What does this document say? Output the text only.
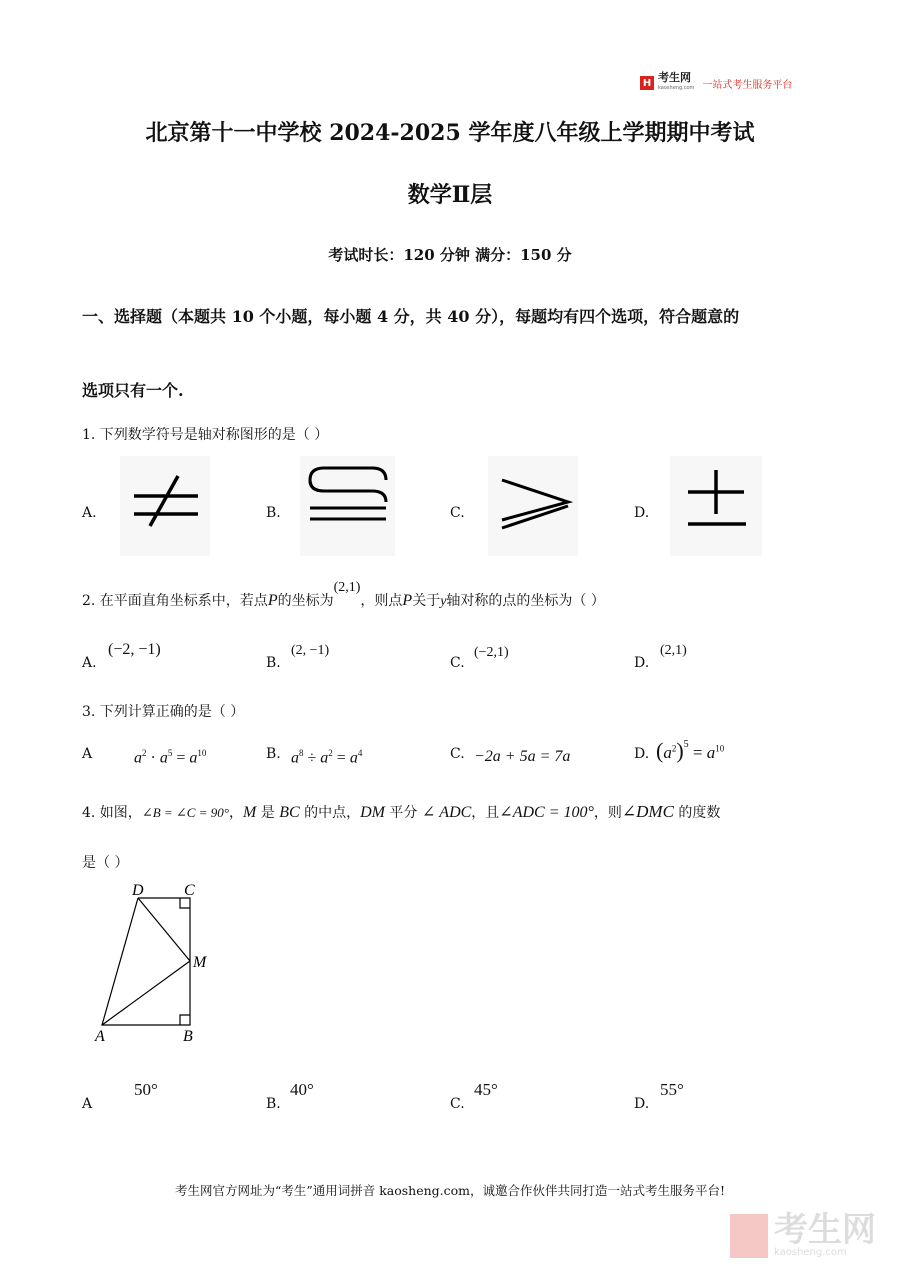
H 考生网
kaosheng.com 一站式考生服务平台
北京第十一中学校 2024-2025 学年度八年级上学期期中考试
数学Ⅱ层
考试时长：120 分钟 满分：150 分
一、选择题（本题共 10 个小题，每小题 4 分，共 40 分），每题均有四个选项，符合题意的
选项只有一个.
1. 下列数学符号是轴对称图形的是（ ）
A.	B.	C.	D.
2. 在平面直角坐标系中，若点P的坐标为(2,1)，则点P关于y轴对称的点的坐标为（ ）
A.
(−2, −1)
B.
(2, −1)
C.
(−2,1)
D.
(2,1)
3. 下列计算正确的是（ ）
A	$a^2 \cdot a^5 = a^{10}$	B. $a^8 \div a^2 = a^4$	C. −2a + 5a = 7a	D. $(a^2)^5 = a^{10}$
4. 如图，∠B = ∠C = 90°，M 是 BC 的中点，DM 平分 ∠ ADC，且∠ADC = 100°，则∠DMC 的度数
是（ ）
D	C
M
A	B
A
50°
B.
40°
C.
45°
D.
55°
考生网官方网址为“考生”通用词拼音 kaosheng.com，诚邀合作伙伴共同打造一站式考生服务平台!
考生网
kaosheng.com
